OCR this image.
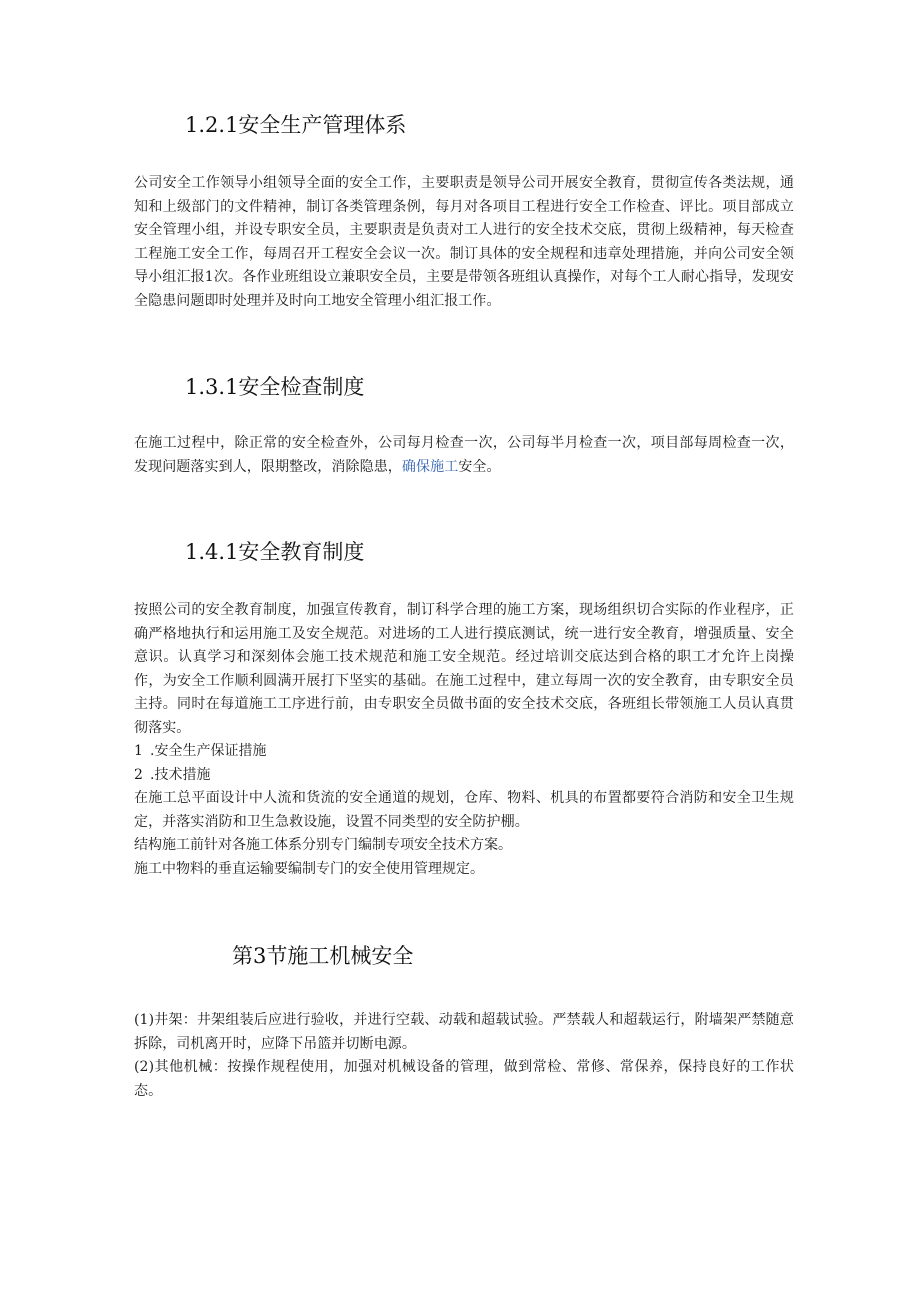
1.2.1安全生产管理体系
公司安全工作领导小组领导全面的安全工作，主要职责是领导公司开展安全教育，贯彻宣传各类法规，通知和上级部门的文件精神，制订各类管理条例，每月对各项目工程进行安全工作检查、评比。项目部成立安全管理小组，并设专职安全员，主要职责是负责对工人进行的安全技术交底，贯彻上级精神，每天检查工程施工安全工作，每周召开工程安全会议一次。制订具体的安全规程和违章处理措施，并向公司安全领导小组汇报1次。各作业班组设立兼职安全员，主要是带领各班组认真操作，对每个工人耐心指导，发现安全隐患问题即时处理并及时向工地安全管理小组汇报工作。
1.3.1安全检查制度
在施工过程中，除正常的安全检查外，公司每月检查一次，公司每半月检查一次，项目部每周检查一次，发现问题落实到人，限期整改，消除隐患，确保施工安全。
1.4.1安全教育制度
按照公司的安全教育制度，加强宣传教育，制订科学合理的施工方案，现场组织切合实际的作业程序，正确严格地执行和运用施工及安全规范。对进场的工人进行摸底测试，统一进行安全教育，增强质量、安全意识。认真学习和深刻体会施工技术规范和施工安全规范。经过培训交底达到合格的职工才允许上岗操作，为安全工作顺利圆满开展打下坚实的基础。在施工过程中，建立每周一次的安全教育，由专职安全员主持。同时在每道施工工序进行前，由专职安全员做书面的安全技术交底，各班组长带领施工人员认真贯彻落实。
1 .安全生产保证措施
2 .技术措施
在施工总平面设计中人流和货流的安全通道的规划，仓库、物料、机具的布置都要符合消防和安全卫生规定，并落实消防和卫生急救设施，设置不同类型的安全防护棚。
结构施工前针对各施工体系分别专门编制专项安全技术方案。
施工中物料的垂直运输要编制专门的安全使用管理规定。
第3节施工机械安全
(1)井架：井架组装后应进行验收，并进行空载、动载和超载试验。严禁载人和超载运行，附墙架严禁随意拆除，司机离开时，应降下吊篮并切断电源。
(2)其他机械：按操作规程使用，加强对机械设备的管理，做到常检、常修、常保养，保持良好的工作状态。
